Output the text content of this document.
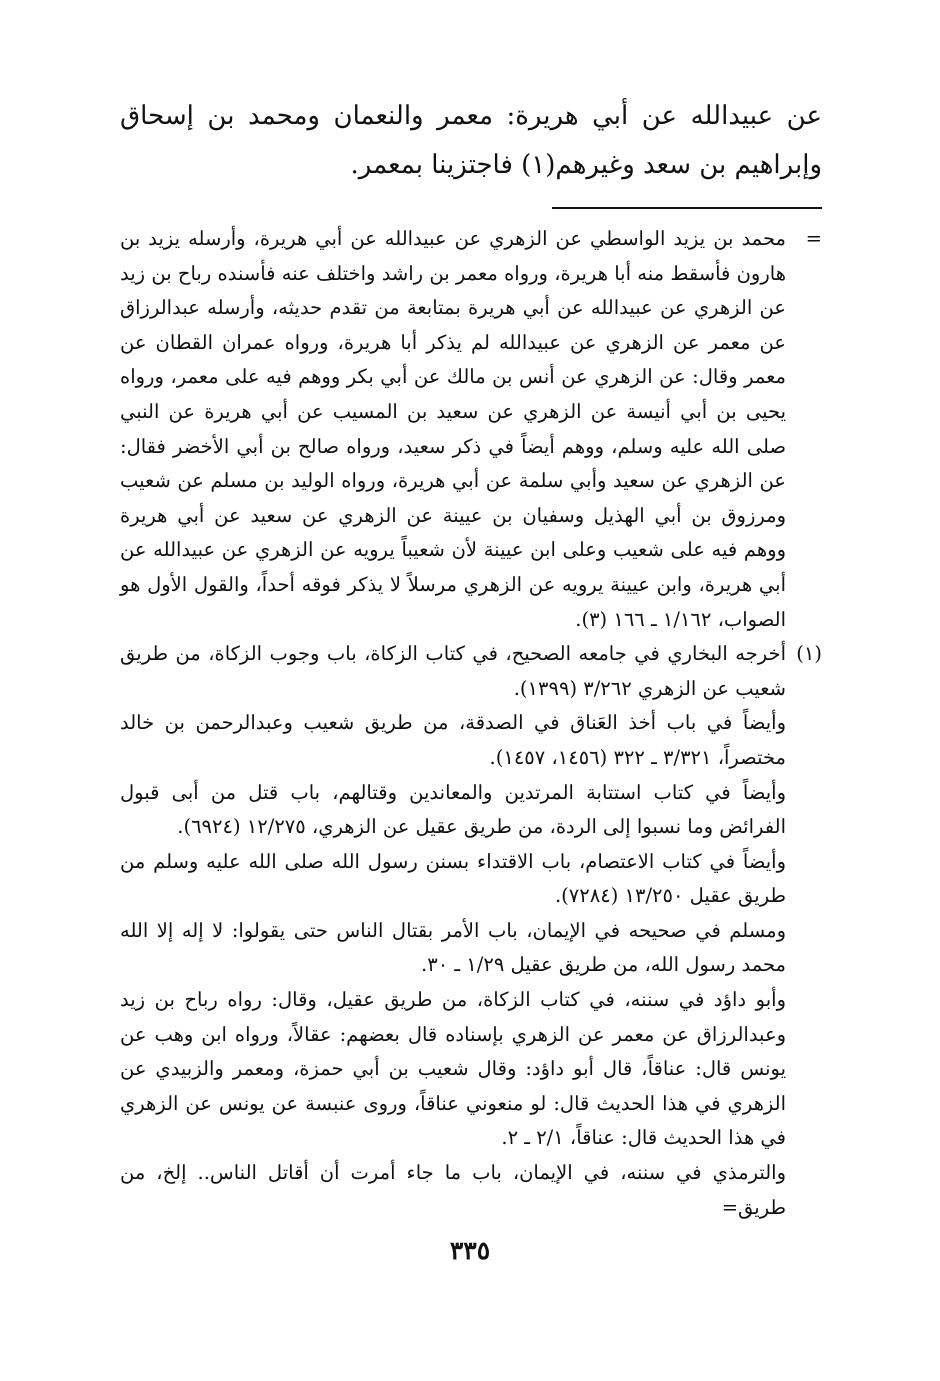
عن عبيدالله عن أبي هريرة: معمر والنعمان ومحمد بن إسحاق

وإبراهيم بن سعد وغيرهم(١) فاجتزينا بمعمر.

=

محمد بن يزيد الواسطي عن الزهري عن عبيدالله عن أبي هريرة، وأرسله يزيد بن هارون فأسقط منه أبا هريرة، ورواه معمر بن راشد واختلف عنه فأسنده رباح بن زيد عن الزهري عن عبيدالله عن أبي هريرة بمتابعة من تقدم حديثه، وأرسله عبدالرزاق عن معمر عن الزهري عن عبيدالله لم يذكر أبا هريرة، ورواه عمران القطان عن معمر وقال: عن الزهري عن أنس بن مالك عن أبي بكر ووهم فيه على معمر، ورواه يحيى بن أبي أنيسة عن الزهري عن سعيد بن المسيب عن أبي هريرة عن النبي صلى الله عليه وسلم، ووهم أيضاً في ذكر سعيد، ورواه صالح بن أبي الأخضر فقال: عن الزهري عن سعيد وأبي سلمة عن أبي هريرة، ورواه الوليد بن مسلم عن شعيب ومرزوق بن أبي الهذيل وسفيان بن عيينة عن الزهري عن سعيد عن أبي هريرة ووهم فيه على شعيب وعلى ابن عيينة لأن شعيباً يرويه عن الزهري عن عبيدالله عن أبي هريرة، وابن عيينة يرويه عن الزهري مرسلاً لا يذكر فوقه أحداً، والقول الأول هو الصواب، ١/١٦٢ ـ ١٦٦ (٣).

(١)

أخرجه البخاري في جامعه الصحيح، في كتاب الزكاة، باب وجوب الزكاة، من طريق شعيب عن الزهري ٣/٢٦٢ (١٣٩٩).

وأيضاً في باب أخذ العَناق في الصدقة، من طريق شعيب وعبدالرحمن بن خالد مختصراً، ٣/٣٢١ ـ ٣٢٢ (١٤٥٦، ١٤٥٧).

وأيضاً في كتاب استتابة المرتدين والمعاندين وقتالهم، باب قتل من أبى قبول الفرائض وما نسبوا إلى الردة، من طريق عقيل عن الزهري، ١٢/٢٧٥ (٦٩٢٤).

وأيضاً في كتاب الاعتصام، باب الاقتداء بسنن رسول الله صلى الله عليه وسلم من طريق عقيل ١٣/٢٥٠ (٧٢٨٤).

ومسلم في صحيحه في الإيمان، باب الأمر بقتال الناس حتى يقولوا: لا إله إلا الله محمد رسول الله، من طريق عقيل ١/٢٩ ـ ٣٠.

وأبو داؤد في سننه، في كتاب الزكاة، من طريق عقيل، وقال: رواه رباح بن زيد وعبدالرزاق عن معمر عن الزهري بإسناده قال بعضهم: عقالاً، ورواه ابن وهب عن يونس قال: عناقاً، قال أبو داؤد: وقال شعيب بن أبي حمزة، ومعمر والزبيدي عن الزهري في هذا الحديث قال: لو منعوني عناقاً، وروى عنبسة عن يونس عن الزهري في هذا الحديث قال: عناقاً، ٢/١ ـ ٢.

والترمذي في سننه، في الإيمان، باب ما جاء أمرت أن أقاتل الناس.. إلخ، من طريق=

٣٣٥
